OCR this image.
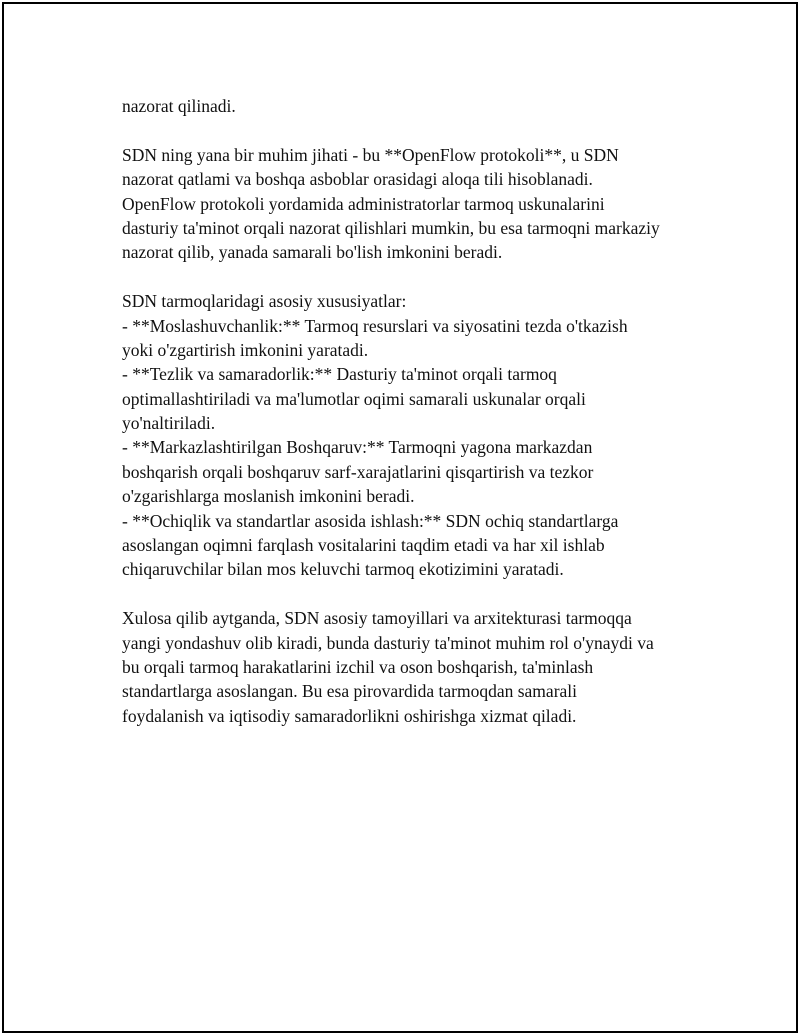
nazorat qilinadi.
SDN ning yana bir muhim jihati - bu **OpenFlow protokoli**, u SDN
nazorat qatlami va boshqa asboblar orasidagi aloqa tili hisoblanadi.
OpenFlow protokoli yordamida administratorlar tarmoq uskunalarini
dasturiy ta'minot orqali nazorat qilishlari mumkin, bu esa tarmoqni markaziy
nazorat qilib, yanada samarali bo'lish imkonini beradi.
SDN tarmoqlaridagi asosiy xususiyatlar:
- **Moslashuvchanlik:** Tarmoq resurslari va siyosatini tezda o'tkazish
yoki o'zgartirish imkonini yaratadi.
- **Tezlik va samaradorlik:** Dasturiy ta'minot orqali tarmoq
optimallashtiriladi va ma'lumotlar oqimi samarali uskunalar orqali
yo'naltiriladi.
- **Markazlashtirilgan Boshqaruv:** Tarmoqni yagona markazdan
boshqarish orqali boshqaruv sarf-xarajatlarini qisqartirish va tezkor
o'zgarishlarga moslanish imkonini beradi.
- **Ochiqlik va standartlar asosida ishlash:** SDN ochiq standartlarga
asoslangan oqimni farqlash vositalarini taqdim etadi va har xil ishlab
chiqaruvchilar bilan mos keluvchi tarmoq ekotizimini yaratadi.
Xulosa qilib aytganda, SDN asosiy tamoyillari va arxitekturasi tarmoqqa
yangi yondashuv olib kiradi, bunda dasturiy ta'minot muhim rol o'ynaydi va
bu orqali tarmoq harakatlarini izchil va oson boshqarish, ta'minlash
standartlarga asoslangan. Bu esa pirovardida tarmoqdan samarali
foydalanish va iqtisodiy samaradorlikni oshirishga xizmat qiladi.
